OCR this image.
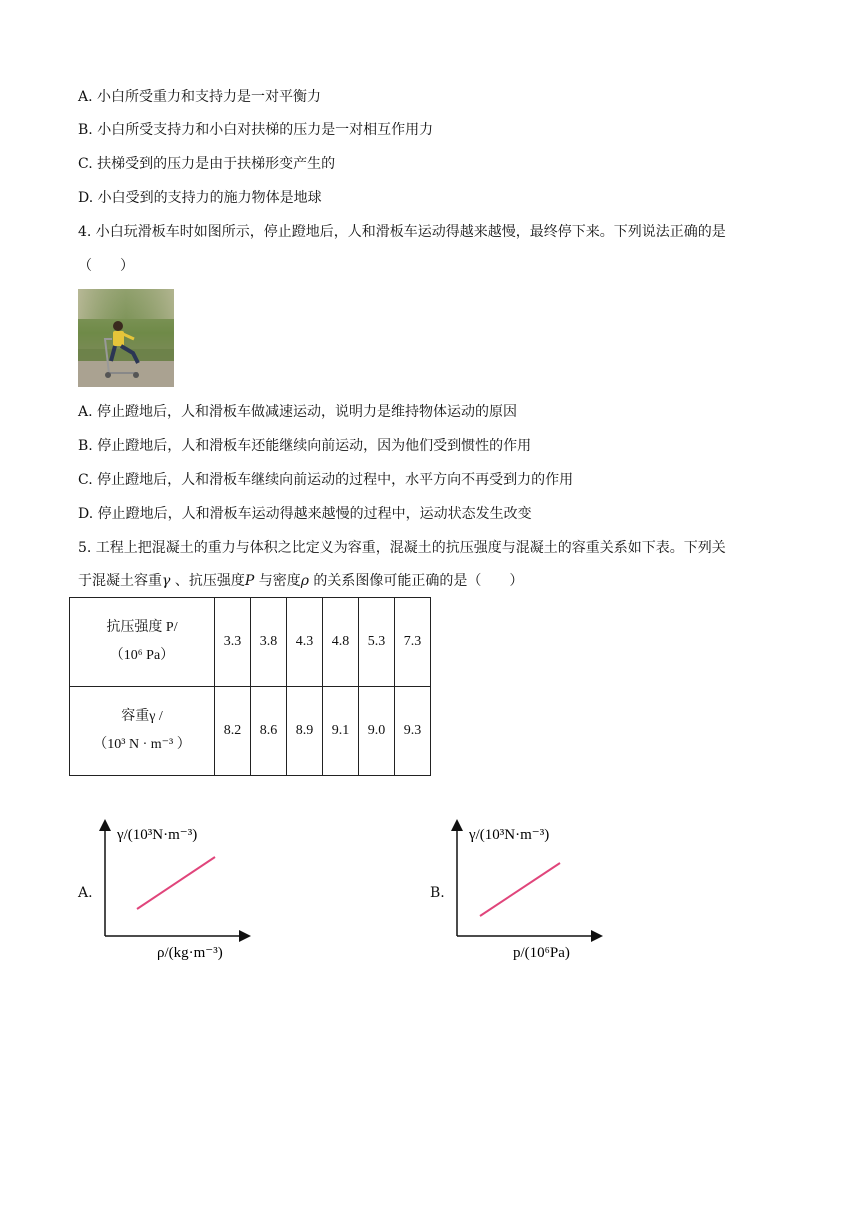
A. 小白所受重力和支持力是一对平衡力
B. 小白所受支持力和小白对扶梯的压力是一对相互作用力
C. 扶梯受到的压力是由于扶梯形变产生的
D. 小白受到的支持力的施力物体是地球
4. 小白玩滑板车时如图所示，停止蹬地后，人和滑板车运动得越来越慢，最终停下来。下列说法正确的是
（　　）
A. 停止蹬地后，人和滑板车做减速运动，说明力是维持物体运动的原因
B. 停止蹬地后，人和滑板车还能继续向前运动，因为他们受到惯性的作用
C. 停止蹬地后，人和滑板车继续向前运动的过程中，水平方向不再受到力的作用
D. 停止蹬地后，人和滑板车运动得越来越慢的过程中，运动状态发生改变
5. 工程上把混凝土的重力与体积之比定义为容重，混凝土的抗压强度与混凝土的容重关系如下表。下列关
于混凝土容重γ 、抗压强度P 与密度ρ 的关系图像可能正确的是（　　）
抗压强度 P/
（10⁶ Pa）	3.3	3.8	4.3	4.8	5.3	7.3

容重γ /
（10³ N · m⁻³ ）	8.2	8.6	8.9	9.1	9.0	9.3
A.
γ/(10³N·m⁻³)
ρ/(kg·m⁻³)
B.
γ/(10³N·m⁻³)
p/(10⁶Pa)
